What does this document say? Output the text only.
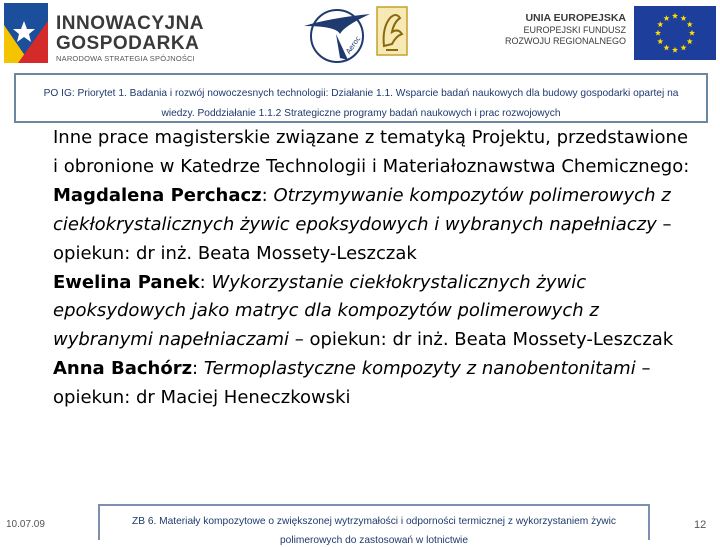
INNOWACYJNA
GOSPODARKA
NARODOWA STRATEGIA SPÓJNOŚCI
Aeroc
UNIA EUROPEJSKA
EUROPEJSKI FUNDUSZ
ROZWOJU REGIONALNEGO
PO IG: Priorytet 1. Badania i rozwój nowoczesnych technologii: Działanie 1.1. Wsparcie badań naukowych dla budowy gospodarki opartej na wiedzy. Poddziałanie 1.1.2 Strategiczne programy badań naukowych i prac rozwojowych

Inne prace magisterskie związane z tematyką Projektu, przedstawione i obronione w Katedrze Technologii i Materiałoznawstwa Chemicznego:

Magdalena Perchacz: Otrzymywanie kompozytów polimerowych z ciekłokrystalicznych żywic epoksydowych i wybranych napełniaczy – opiekun: dr inż. Beata Mossety-Leszczak

Ewelina Panek: Wykorzystanie ciekłokrystalicznych żywic epoksydowych jako matryc dla kompozytów polimerowych z wybranymi napełniaczami – opiekun: dr inż. Beata Mossety-Leszczak

Anna Bachórz: Termoplastyczne kompozyty z nanobentonitami – opiekun: dr Maciej Heneczkowski

10.07.09	ZB 6. Materiały kompozytowe o zwiększonej wytrzymałości i odporności termicznej z wykorzystaniem żywic polimerowych do zastosowań w lotnictwie
12
